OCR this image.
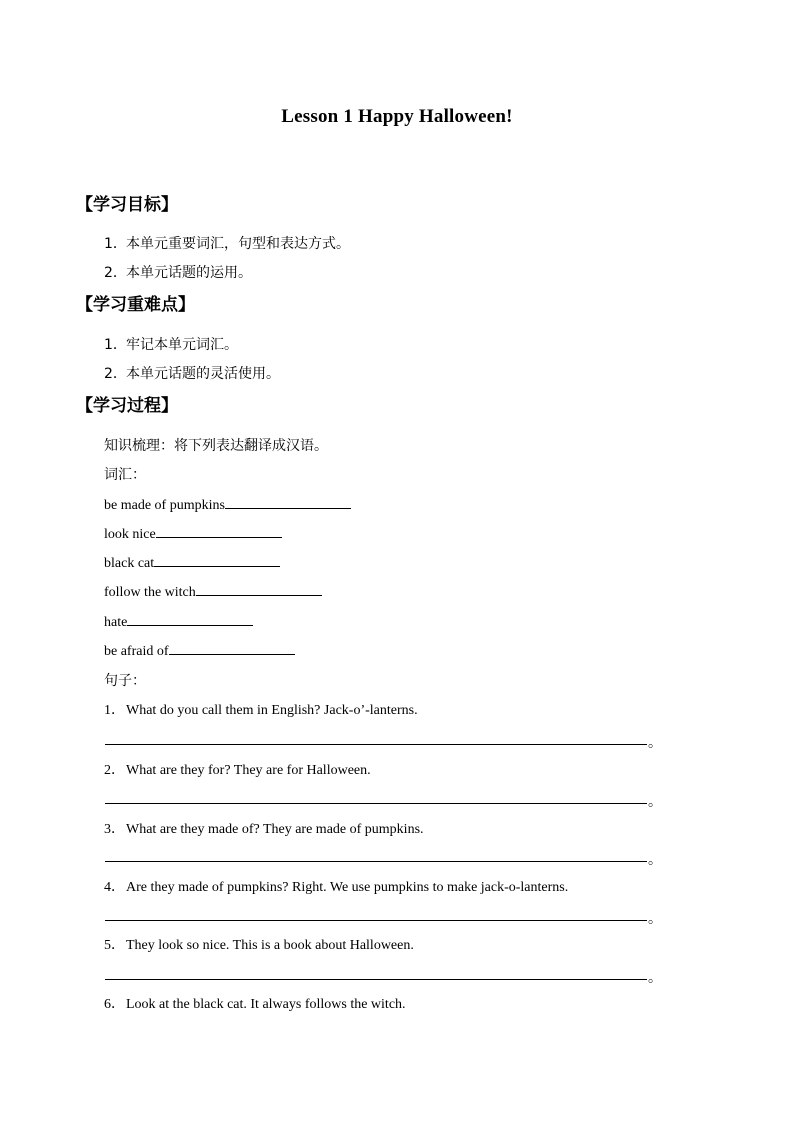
Lesson 1 Happy Halloween!
【学习目标】
1．本单元重要词汇，句型和表达方式。
2．本单元话题的运用。
【学习重难点】
1．牢记本单元词汇。
2．本单元话题的灵活使用。
【学习过程】
知识梳理：将下列表达翻译成汉语。
词汇：
be made of pumpkins
look nice
black cat
follow the witch
hate
be afraid of
句子：
1．What do you call them in English? Jack-o’-lanterns.
。
2．What are they for? They are for Halloween.
。
3．What are they made of? They are made of pumpkins.
。
4．Are they made of pumpkins? Right. We use pumpkins to make jack-o-lanterns.
。
5．They look so nice. This is a book about Halloween.
。
6．Look at the black cat. It always follows the witch.
